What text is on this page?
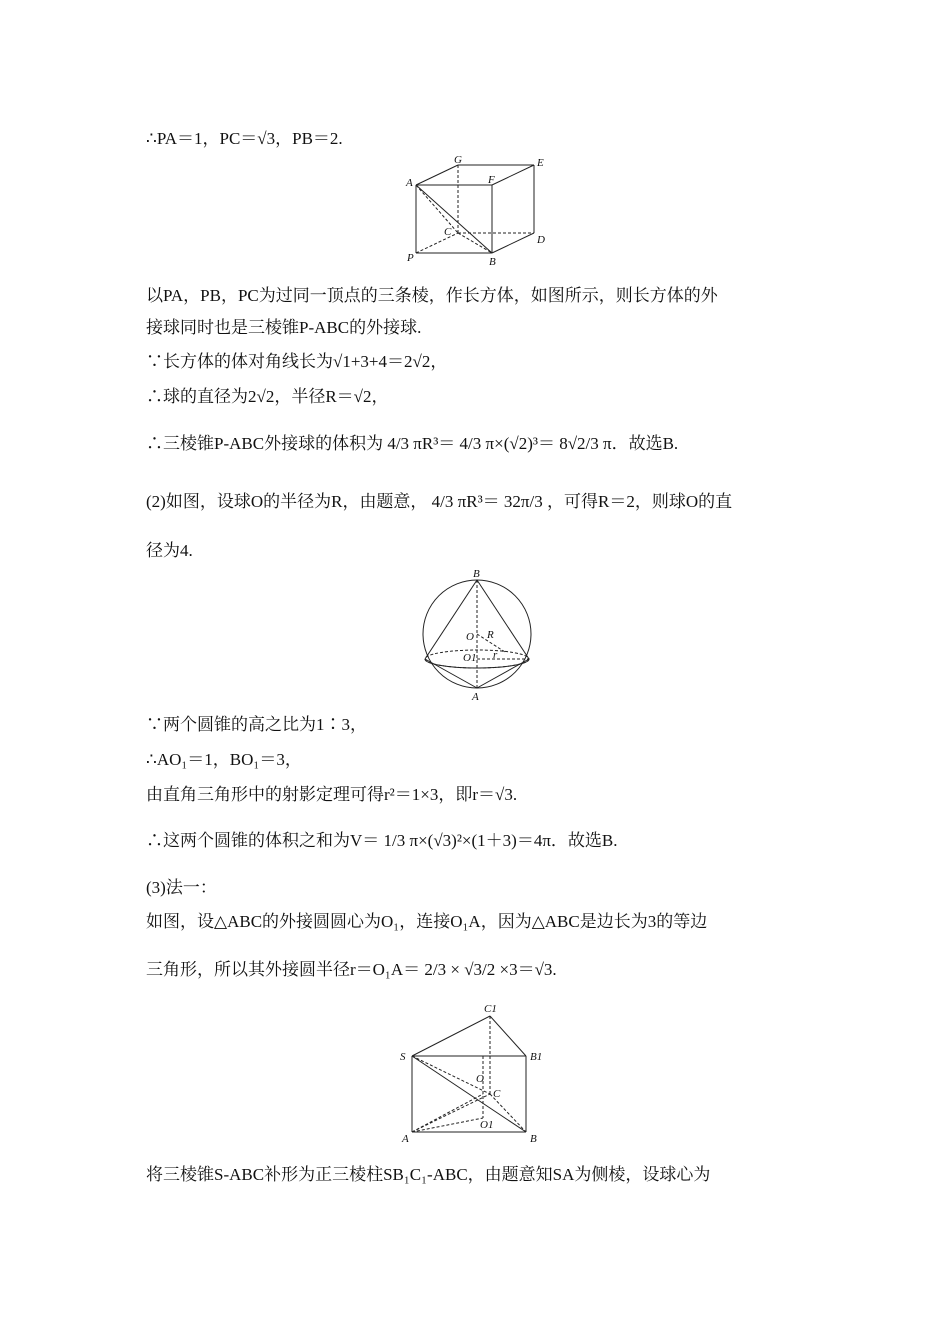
∴PA＝1，PC＝√3，PB＝2.
G	E
A	F
C
D
P	B
以PA，PB，PC为过同一顶点的三条棱，作长方体，如图所示，则长方体的外
接球同时也是三棱锥P-ABC的外接球.
∵长方体的体对角线长为√1+3+4＝2√2，
∴球的直径为2√2，半径R＝√2，
∴三棱锥P-ABC外接球的体积为 4/3 πR³＝ 4/3 π×(√2)³＝ 8√2/3 π．故选B.
(2)如图，设球O的半径为R，由题意， 4/3 πR³＝ 32π/3 ，可得R＝2，则球O的直
径为4.
B
O R
O1 r
A
∵两个圆锥的高之比为1∶3，
∴AO₁＝1，BO₁＝3，
由直角三角形中的射影定理可得r²＝1×3，即r＝√3.
∴这两个圆锥的体积之和为V＝ 1/3 π×(√3)²×(1＋3)＝4π．故选B.
(3)法一：
如图，设△ABC的外接圆圆心为O₁，连接O₁A，因为△ABC是边长为3的等边
三角形，所以其外接圆半径r＝O₁A＝ 2/3 × √3/2 ×3＝√3.
C1
S	B1
O
C
A
O1
B
将三棱锥S-ABC补形为正三棱柱SB₁C₁-ABC，由题意知SA为侧棱，设球心为
